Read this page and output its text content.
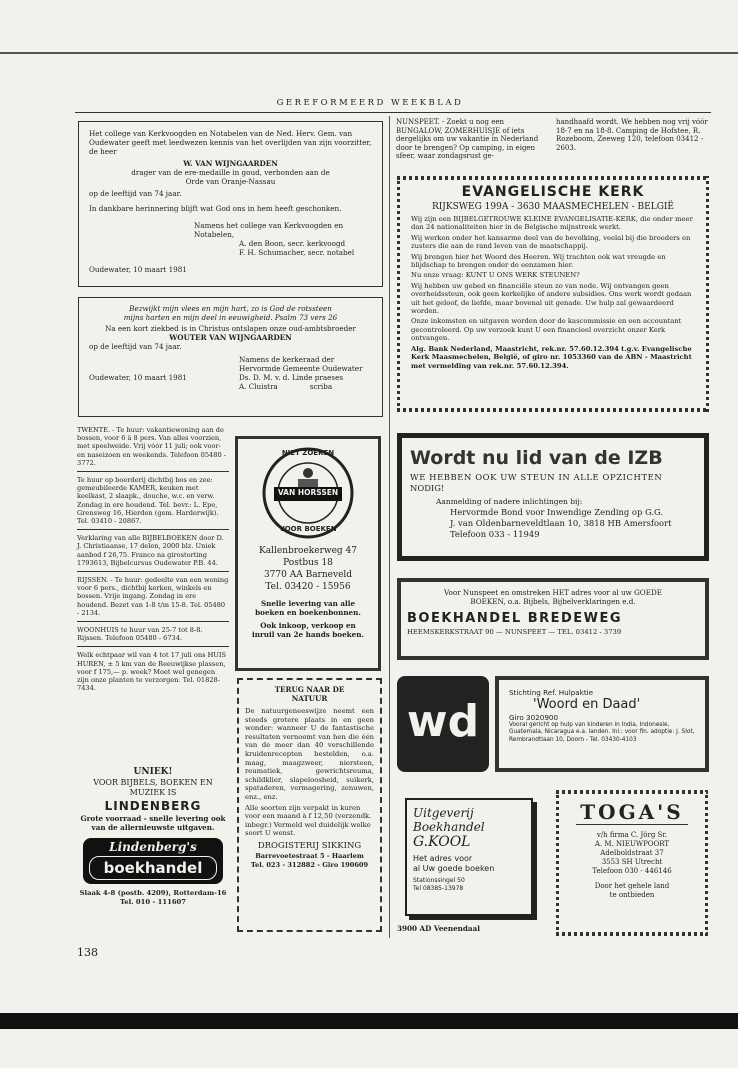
GEREFORMEERD WEEKBLAD

Het college van Kerkvoogden en Notabelen van de Ned. Herv. Gem. van Oudewater geeft met leedwezen kennis van het overlijden van zijn voorzitter, de heer

W. VAN WIJNGAARDEN

drager van de ere-medaille in goud, verbonden aan de

Orde van Oranje-Nassau

op de leeftijd van 74 jaar.

In dankbare herinnering blijft wat God ons in hem heeft geschonken.

Namens het college van Kerkvoogden en Notabelen,

A. den Boon, secr. kerkvoogd

F. H. Schumacher, secr. notabel

Oudewater, 10 maart 1981

Bezwijkt mijn vlees en mijn hart, zo is God de rotssteen

mijns harten en mijn deel in eeuwigheid. Psalm 73 vers 26

Na een kort ziekbed is in Christus ontslapen onze oud-ambtsbroeder

WOUTER VAN WIJNGAARDEN

op de leeftijd van 74 jaar.

Namens de kerkeraad der

Hervormde Gemeente Oudewater

Ds. D. M. v. d. Linde praeses

A. Cluistra              scriba

Oudewater, 10 maart 1981

TWENTE. - Te huur: vakantiewoning aan de bossen, voor 6 à 8 pers. Van alles voorzien, met speelweide. Vrij vóór 11 juli; ook voor- en naseizoen en weekends. Telefoon 05480 - 3772.

Te huur op boerderij dichtbij bos en zee: gemeubileerde KAMER, keuken met keelkast, 2 slaapk., douche, w.c. en verw. Zondag in ere houdend. Tel. bevr.: L. Epe, Grensweg 16, Hierden (gem. Harderwijk). Tel. 03410 - 20867.

Verklaring van alle BIJBELBOEKEN door D. J. Christiaanse, 17 delen, 2000 blz. Uniek aanbod f 26,75. Franco na girostorting 1793613, Bijbelcursus Oudewater P.B. 44.

RIJSSEN. - Te huur: gedeelte van een woning voor 6 pers., dichtbij kerken, winkels en bossen. Vrije ingang. Zondag in ere houdend. Bezet van 1-8 t/m 15-8. Tel. 05480 - 2134.

WOONHUIS te huur van 25-7 tot 8-8. Rijssen. Telefoon 05480 - 6734.

Welk echtpaar wil van 4 tot 17 juli ons HUIS HUREN, ± 5 km van de Reeuwijkse plassen, voor f 175,— p. week? Moet wel genegen zijn onze planten te verzorgen. Tel. 01828-7434.

UNIEK!

VOOR BIJBELS, BOEKEN EN

MUZIEK IS

LINDENBERG

Grote voorraad - snelle levering ook

van de allernieuwste uitgaven.

Lindenberg's
boekhandel

Slaak 4-8 (postb. 4209), Rotterdam-16

Tel. 010 - 111607

NIET ZOEKEN
VAN HORSSEN
VOOR BOEKEN

Kallenbroekerweg 47

Postbus 18

3770 AA Barneveld

Tel. 03420 - 15956

Snelle levering van alle

boeken en boekenbonnen.

Ook inkoop, verkoop en

inruil van 2e hands boeken.

TERUG NAAR DE

NATUUR

De natuurgeneeswijze neemt een steeds grotere plaats in en geen wonder: wanneer U de fantastische resultaten vernoemt van hen die één van de meer dan 40 verschillende kruidenrecepten bestelden, o.a. maag, maagzweer, niersteen, reumatiek, gewrichtsreuma, schildklier, slapeloosheid, suikerk, spataderen, vermagering, zenuwen, enz., enz.

Alle soorten zijn verpakt in kuren voor een maand à f 12,50 (verzendk. inbegr.) Vermeld wel duidelijk welke soort U wenst.

DROGISTERIJ SIKKING

Barrevoetestraat 5 - Haarlem

Tel. 023 - 312882 - Giro 190609

NUNSPEET. - Zoekt u nog een BUNGALOW, ZOMERHUISJE of iets dergelijks om uw vakantie in Nederland door te brengen? Op camping, in eigen sfeer, waar zondagsrust ge-

handhaafd wordt. We hebben nog vrij vóór 18-7 en na 18-8. Camping de Hofstee, R. Rozeboom, Zeeweg 120, telefoon 03412 - 2603.

EVANGELISCHE KERK

RIJKSWEG 199A - 3630 MAASMECHELEN - BELGIË

Wij zijn een BIJBELGETROUWE KLEINE EVANGELISATIE-KERK, die onder meer dan 24 nationaliteiten hier in de Belgische mijnstreek werkt.

Wij werken onder het kansarme deel van de bevolking, veelal bij die broeders en zusters die aan de rand leven van de maatschappij.

Wij brengen hier het Woord des Heeren. Wij trachten ook wat vreugde en blijdschap te brengen onder de eenzamen hier.

Nu onze vraag: KUNT U ONS WERK STEUNEN?

Wij hebben uw gebed en financiële steun zo van node. Wij ontvangen geen overheidssteun, ook geen kerkelijke of andere subsidies. Ons werk wordt gedaan uit het geloof, de liefde, maar bovenal uit genade. Uw hulp zal gewaardeerd worden.

Onze inkomsten en uitgaven worden door de kascommissie en een accountant gecontroleerd. Op uw verzoek kunt U een financieel overzicht onzer Kerk ontvangen.

Alg. Bank Nederland, Maastricht, rek.nr. 57.60.12.394 t.g.v. Evangelische Kerk Maasmechelen, België, of giro nr. 1053360 van de ABN - Maastricht met vermelding van rek.nr. 57.60.12.394.

Wordt nu lid van de IZB

WE HEBBEN OOK UW STEUN IN ALLE OPZICHTEN

NODIG!

Aanmelding of nadere inlichtingen bij:

Hervormde Bond voor Inwendige Zending op G.G.

J. van Oldenbarneveldtlaan 10, 3818 HB Amersfoort

Telefoon 033 - 11949

Voor Nunspeet en omstreken HET adres voor al uw GOEDE

BOEKEN, o.a. Bijbels, Bijbelverklaringen e.d.

BOEKHANDEL BREDEWEG

HEEMSKERKSTRAAT 90 — NUNSPEET — TEL. 03412 - 3739

wd

Stichting Ref. Hulpaktie

'Woord en Daad'

Giro 3020900

Vooral gericht op hulp van kinderen in India, Indonesie, Guatemala, Nicaragua e.a. landen. Inl.: voor fin. adoptie: J. Slot, Rembrandtlaan 10, Doorn - Tel. 03430-4103

Uitgeverij

Boekhandel

G.KOOL

Het adres voor

al Uw goede boeken

Stationssingel 50

Tel 08385-13978

3900 AD Veenendaal

TOGA'S

v/h firma C. Jörg Sr.

A. M. NIEUWPOORT

Adelboldstraat 37

3553 SH Utrecht

Telefoon 030 - 446146

Door het gehele land

te ontbieden

138
